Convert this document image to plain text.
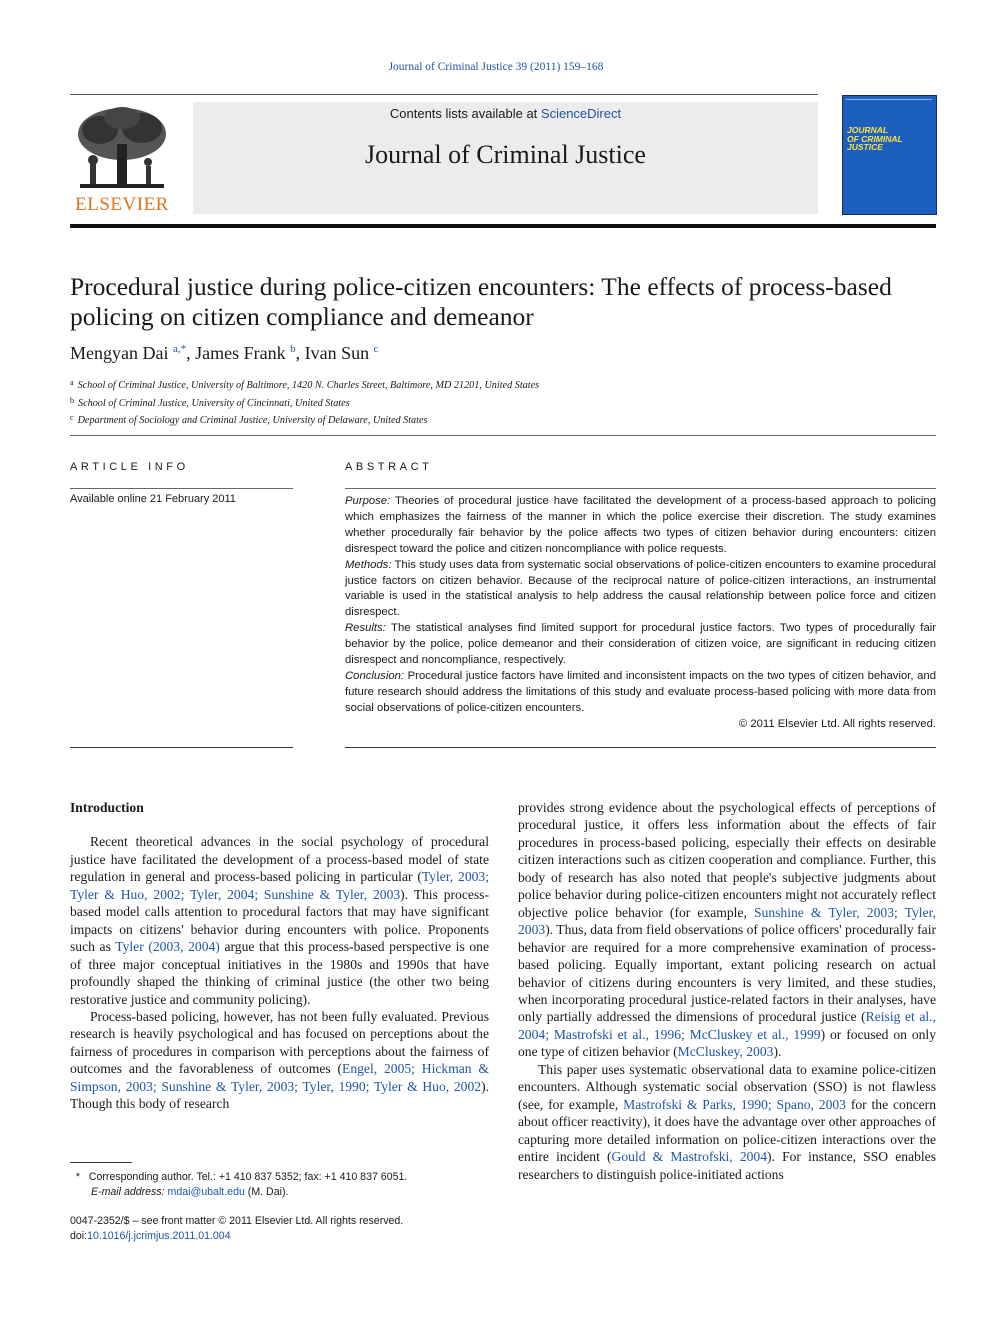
Journal of Criminal Justice 39 (2011) 159–168
ELSEVIER
Contents lists available at ScienceDirect
Journal of Criminal Justice
JOURNAL
OF CRIMINAL
JUSTICE
Procedural justice during police-citizen encounters: The effects of process-based policing on citizen compliance and demeanor
Mengyan Dai $^{a,*}$, James Frank $^b$, Ivan Sun $^c$
$^a$ School of Criminal Justice, University of Baltimore, 1420 N. Charles Street, Baltimore, MD 21201, United States
$^b$ School of Criminal Justice, University of Cincinnati, United States
$^c$ Department of Sociology and Criminal Justice, University of Delaware, United States
ARTICLE INFO	ABSTRACT
Available online 21 February 2011	Purpose: Theories of procedural justice have facilitated the development of a process-based approach to policing which emphasizes the fairness of the manner in which the police exercise their discretion. The study examines whether procedurally fair behavior by the police affects two types of citizen behavior during encounters: citizen disrespect toward the police and citizen noncompliance with police requests.

Methods: This study uses data from systematic social observations of police-citizen encounters to examine procedural justice factors on citizen behavior. Because of the reciprocal nature of police-citizen interactions, an instrumental variable is used in the statistical analysis to help address the causal relationship between police force and citizen disrespect.

Results: The statistical analyses find limited support for procedural justice factors. Two types of procedurally fair behavior by the police, police demeanor and their consideration of citizen voice, are significant in reducing citizen disrespect and noncompliance, respectively.

Conclusion: Procedural justice factors have limited and inconsistent impacts on the two types of citizen behavior, and future research should address the limitations of this study and evaluate process-based policing with more data from social observations of police-citizen encounters.

© 2011 Elsevier Ltd. All rights reserved.

Introduction

Recent theoretical advances in the social psychology of procedural justice have facilitated the development of a process-based model of state regulation in general and process-based policing in particular (Tyler, 2003; Tyler & Huo, 2002; Tyler, 2004; Sunshine & Tyler, 2003). This process-based model calls attention to procedural factors that may have significant impacts on citizens' behavior during encounters with police. Proponents such as Tyler (2003, 2004) argue that this process-based perspective is one of three major conceptual initiatives in the 1980s and 1990s that have profoundly shaped the thinking of criminal justice (the other two being restorative justice and community policing).

Process-based policing, however, has not been fully evaluated. Previous research is heavily psychological and has focused on perceptions about the fairness of procedures in comparison with perceptions about the fairness of outcomes and the favorableness of outcomes (Engel, 2005; Hickman & Simpson, 2003; Sunshine & Tyler, 2003; Tyler, 1990; Tyler & Huo, 2002). Though this body of research

provides strong evidence about the psychological effects of perceptions of procedural justice, it offers less information about the effects of fair procedures in process-based policing, especially their effects on desirable citizen interactions such as citizen cooperation and compliance. Further, this body of research has also noted that people's subjective judgments about police behavior during police-citizen encounters might not accurately reflect objective police behavior (for example, Sunshine & Tyler, 2003; Tyler, 2003). Thus, data from field observations of police officers' procedurally fair behavior are required for a more comprehensive examination of process-based policing. Equally important, extant policing research on actual behavior of citizens during encounters is very limited, and these studies, when incorporating procedural justice-related factors in their analyses, have only partially addressed the dimensions of procedural justice (Reisig et al., 2004; Mastrofski et al., 1996; McCluskey et al., 1999) or focused on only one type of citizen behavior (McCluskey, 2003).

This paper uses systematic observational data to examine police-citizen encounters. Although systematic social observation (SSO) is not flawless (see, for example, Mastrofski & Parks, 1990; Spano, 2003 for the concern about officer reactivity), it does have the advantage over other approaches of capturing more detailed information on police-citizen interactions over the entire incident (Gould & Mastrofski, 2004). For instance, SSO enables researchers to distinguish police-initiated actions

* Corresponding author. Tel.: +1 410 837 5352; fax: +1 410 837 6051.
E-mail address: mdai@ubalt.edu (M. Dai).
0047-2352/$ – see front matter © 2011 Elsevier Ltd. All rights reserved.
doi:10.1016/j.jcrimjus.2011.01.004
